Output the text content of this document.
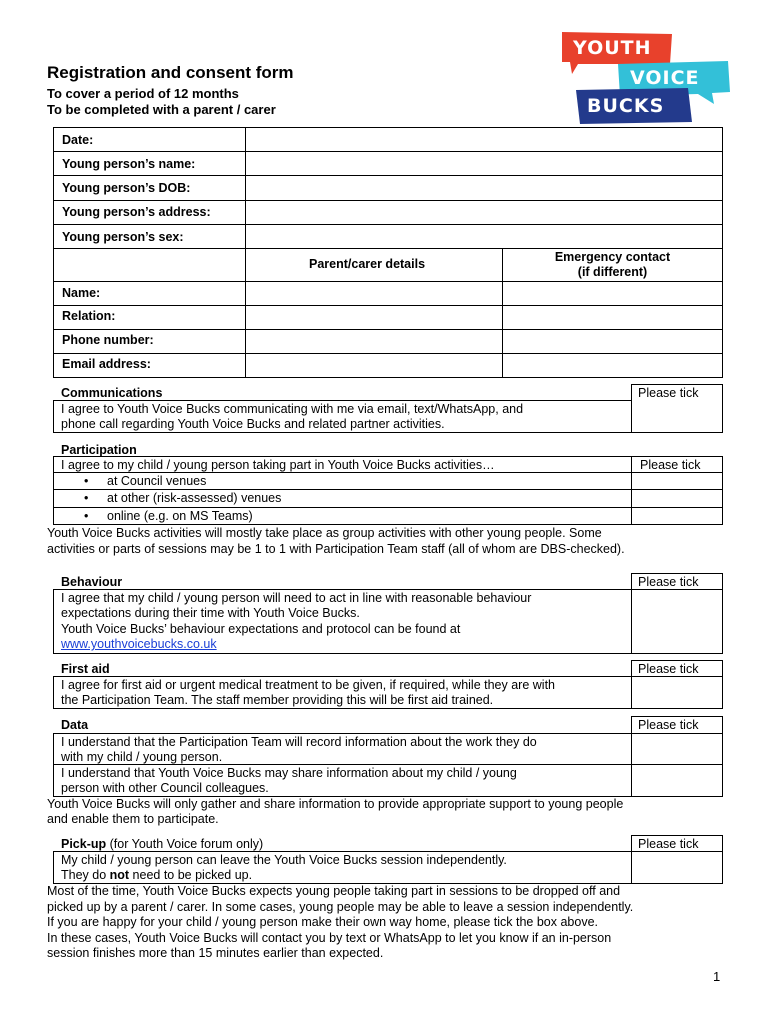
YOUTH
VOICE
BUCKS
Registration and consent form
To cover a period of 12 months
To be completed with a parent / carer
Date:
Young person’s name:
Young person’s DOB:
Young person’s address:
Young person’s sex:
Parent/carer details	Emergency contact
(if different)
Name:
Relation:
Phone number:
Email address:
Communications	Please tick
I agree to Youth Voice Bucks communicating with me via email, text/WhatsApp, and
phone call regarding Youth Voice Bucks and related partner activities.
Participation
Please tick
I agree to my child / young person taking part in Youth Voice Bucks activities…
• at Council venues
• at other (risk-assessed) venues
• online (e.g. on MS Teams)
Youth Voice Bucks activities will mostly take place as group activities with other young people. Some
activities or parts of sessions may be 1 to 1 with Participation Team staff (all of whom are DBS-checked).
Behaviour	Please tick
I agree that my child / young person will need to act in line with reasonable behaviour
expectations during their time with Youth Voice Bucks.
Youth Voice Bucks’ behaviour expectations and protocol can be found at
www.youthvoicebucks.co.uk
First aid	Please tick
I agree for first aid or urgent medical treatment to be given, if required, while they are with
the Participation Team. The staff member providing this will be first aid trained.
Data	Please tick
I understand that the Participation Team will record information about the work they do
with my child / young person.
I understand that Youth Voice Bucks may share information about my child / young
person with other Council colleagues.
Youth Voice Bucks will only gather and share information to provide appropriate support to young people
and enable them to participate.
Pick-up (for Youth Voice forum only)	Please tick
My child / young person can leave the Youth Voice Bucks session independently.
They do not need to be picked up.
Most of the time, Youth Voice Bucks expects young people taking part in sessions to be dropped off and
picked up by a parent / carer. In some cases, young people may be able to leave a session independently.
If you are happy for your child / young person make their own way home, please tick the box above.
In these cases, Youth Voice Bucks will contact you by text or WhatsApp to let you know if an in-person
session finishes more than 15 minutes earlier than expected.
1
